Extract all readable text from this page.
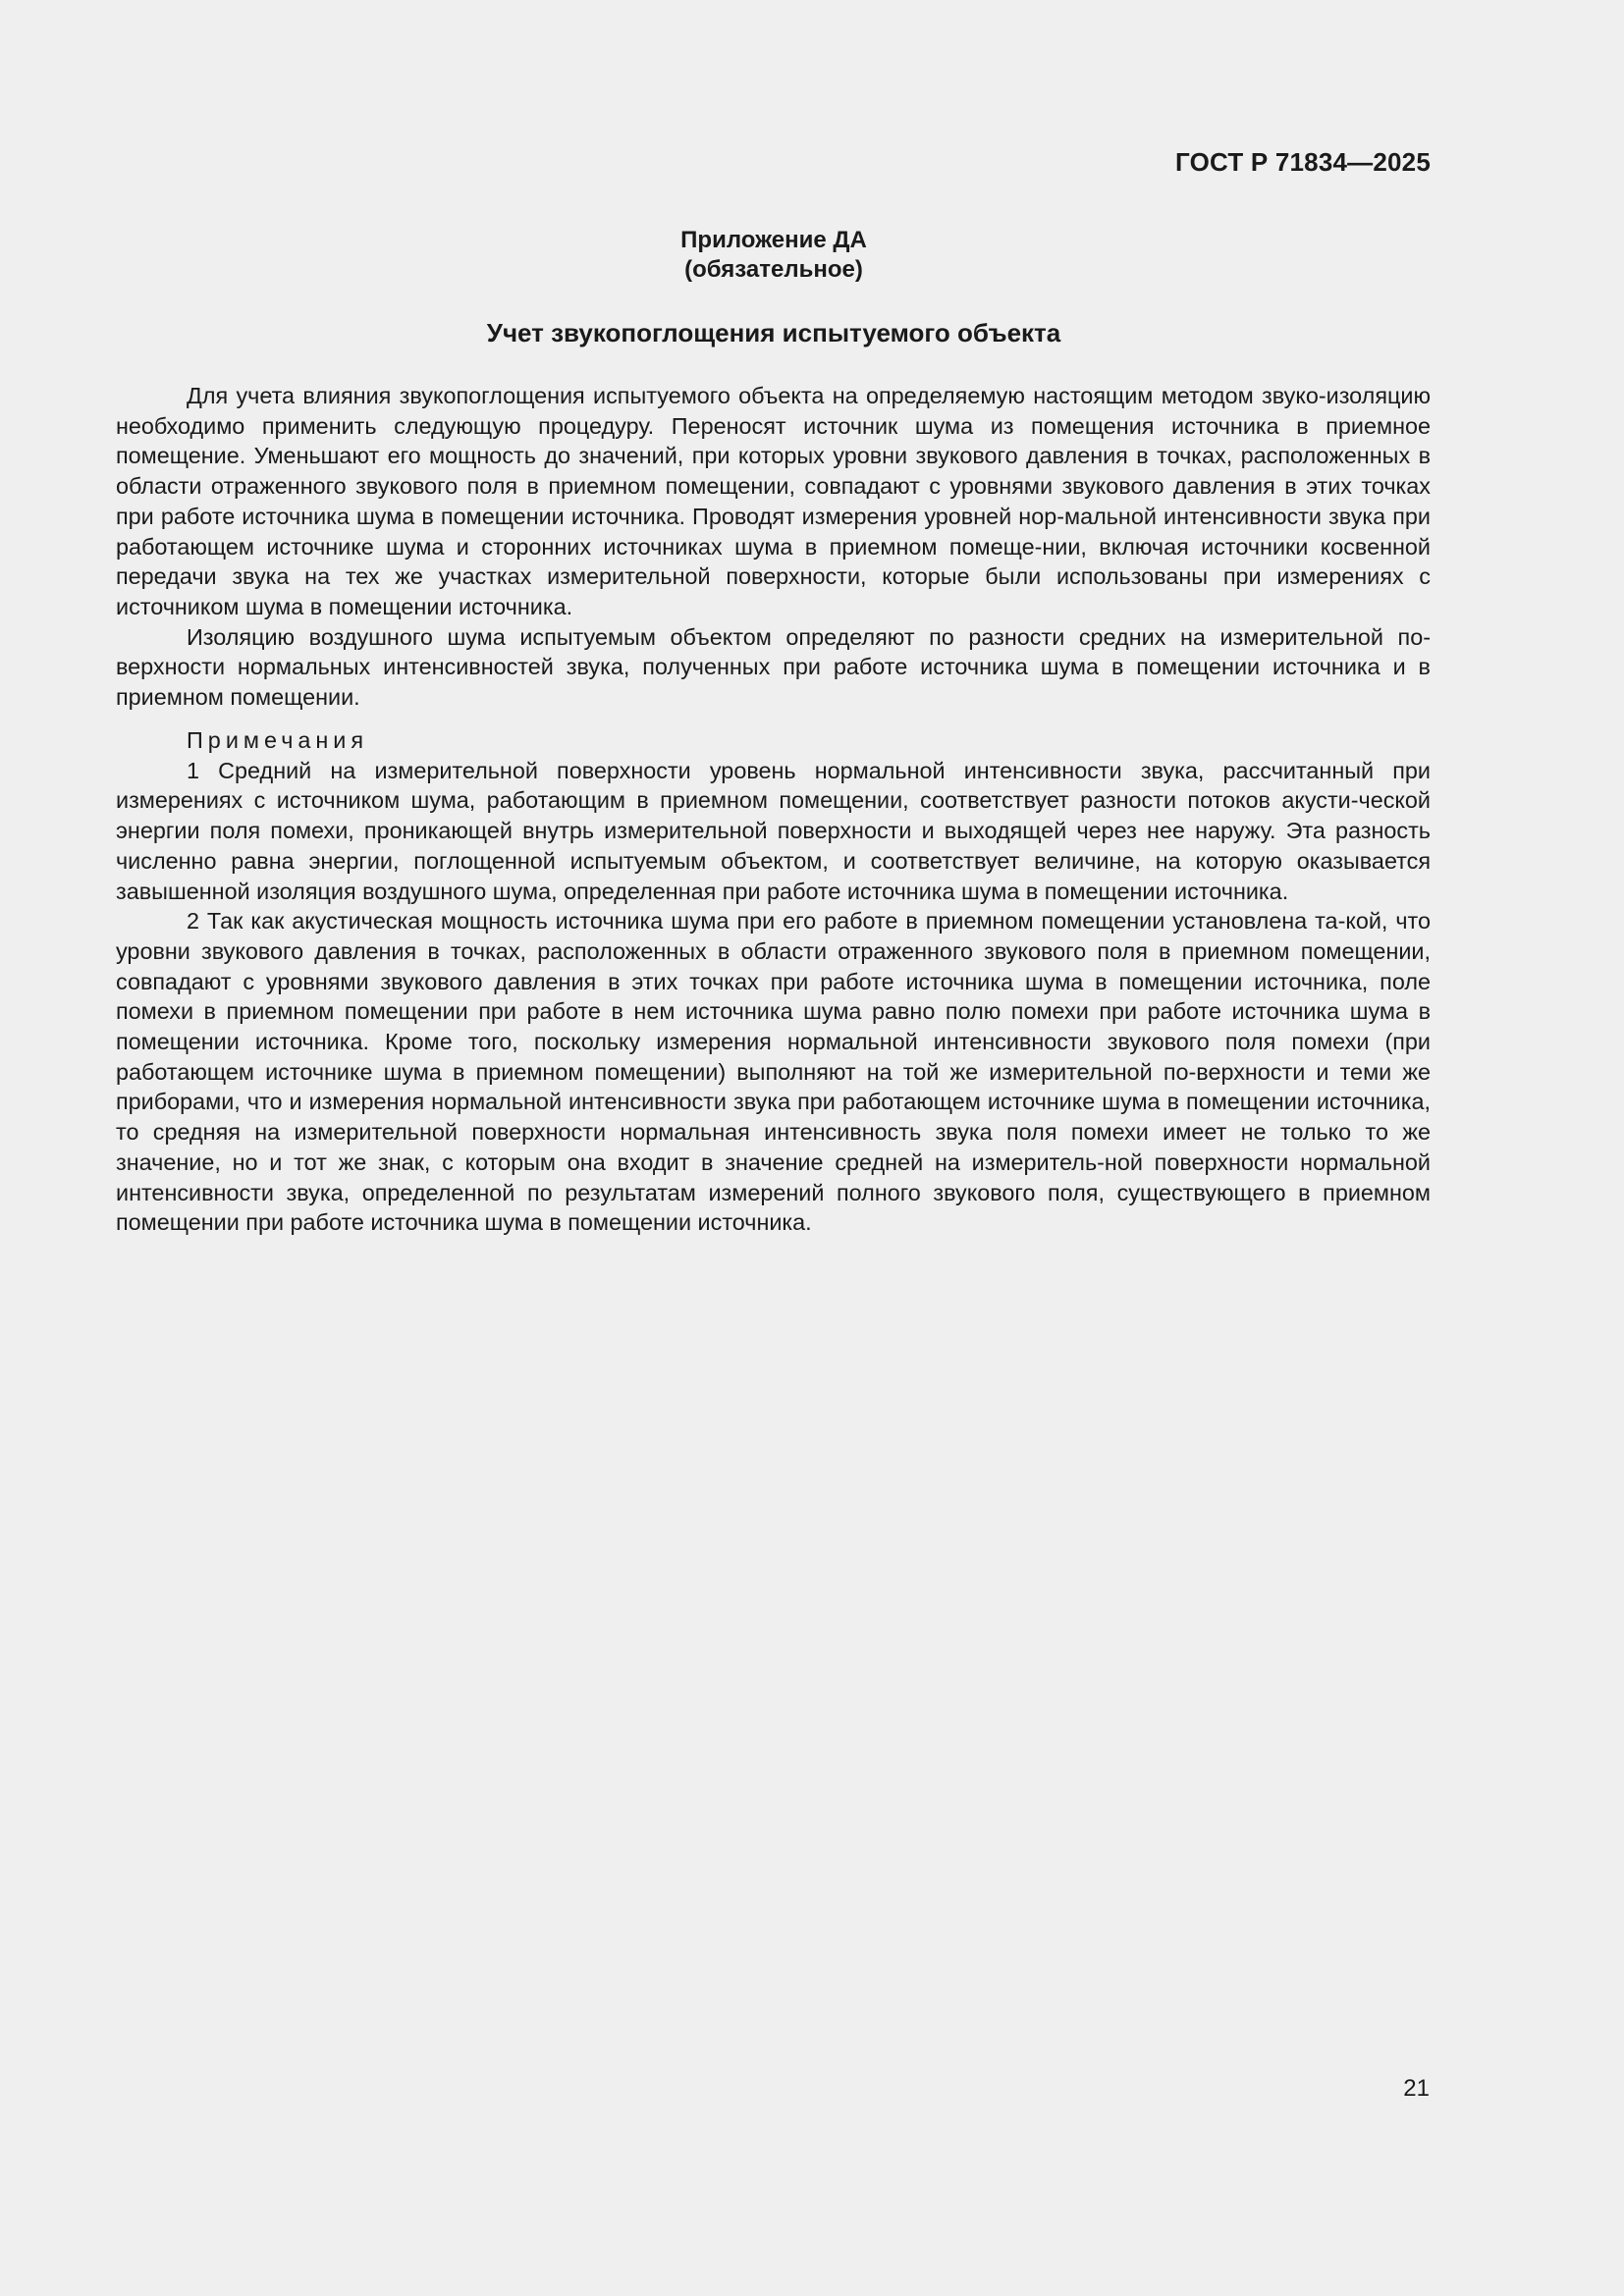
ГОСТ Р 71834—2025
Приложение ДА
(обязательное)
Учет звукопоглощения испытуемого объекта

Для учета влияния звукопоглощения испытуемого объекта на определяемую настоящим методом звуко-изоляцию необходимо применить следующую процедуру. Переносят источник шума из помещения источника в приемное помещение. Уменьшают его мощность до значений, при которых уровни звукового давления в точках, расположенных в области отраженного звукового поля в приемном помещении, совпадают с уровнями звукового давления в этих точках при работе источника шума в помещении источника. Проводят измерения уровней нор-мальной интенсивности звука при работающем источнике шума и сторонних источниках шума в приемном помеще-нии, включая источники косвенной передачи звука на тех же участках измерительной поверхности, которые были использованы при измерениях с источником шума в помещении источника.

Изоляцию воздушного шума испытуемым объектом определяют по разности средних на измерительной по-верхности нормальных интенсивностей звука, полученных при работе источника шума в помещении источника и в приемном помещении.

Примечания

1 Средний на измерительной поверхности уровень нормальной интенсивности звука, рассчитанный при измерениях с источником шума, работающим в приемном помещении, соответствует разности потоков акусти-ческой энергии поля помехи, проникающей внутрь измерительной поверхности и выходящей через нее наружу. Эта разность численно равна энергии, поглощенной испытуемым объектом, и соответствует величине, на которую оказывается завышенной изоляция воздушного шума, определенная при работе источника шума в помещении источника.

2 Так как акустическая мощность источника шума при его работе в приемном помещении установлена та-кой, что уровни звукового давления в точках, расположенных в области отраженного звукового поля в приемном помещении, совпадают с уровнями звукового давления в этих точках при работе источника шума в помещении источника, поле помехи в приемном помещении при работе в нем источника шума равно полю помехи при работе источника шума в помещении источника. Кроме того, поскольку измерения нормальной интенсивности звукового поля помехи (при работающем источнике шума в приемном помещении) выполняют на той же измерительной по-верхности и теми же приборами, что и измерения нормальной интенсивности звука при работающем источнике шума в помещении источника, то средняя на измерительной поверхности нормальная интенсивность звука поля помехи имеет не только то же значение, но и тот же знак, с которым она входит в значение средней на измеритель-ной поверхности нормальной интенсивности звука, определенной по результатам измерений полного звукового поля, существующего в приемном помещении при работе источника шума в помещении источника.

21
